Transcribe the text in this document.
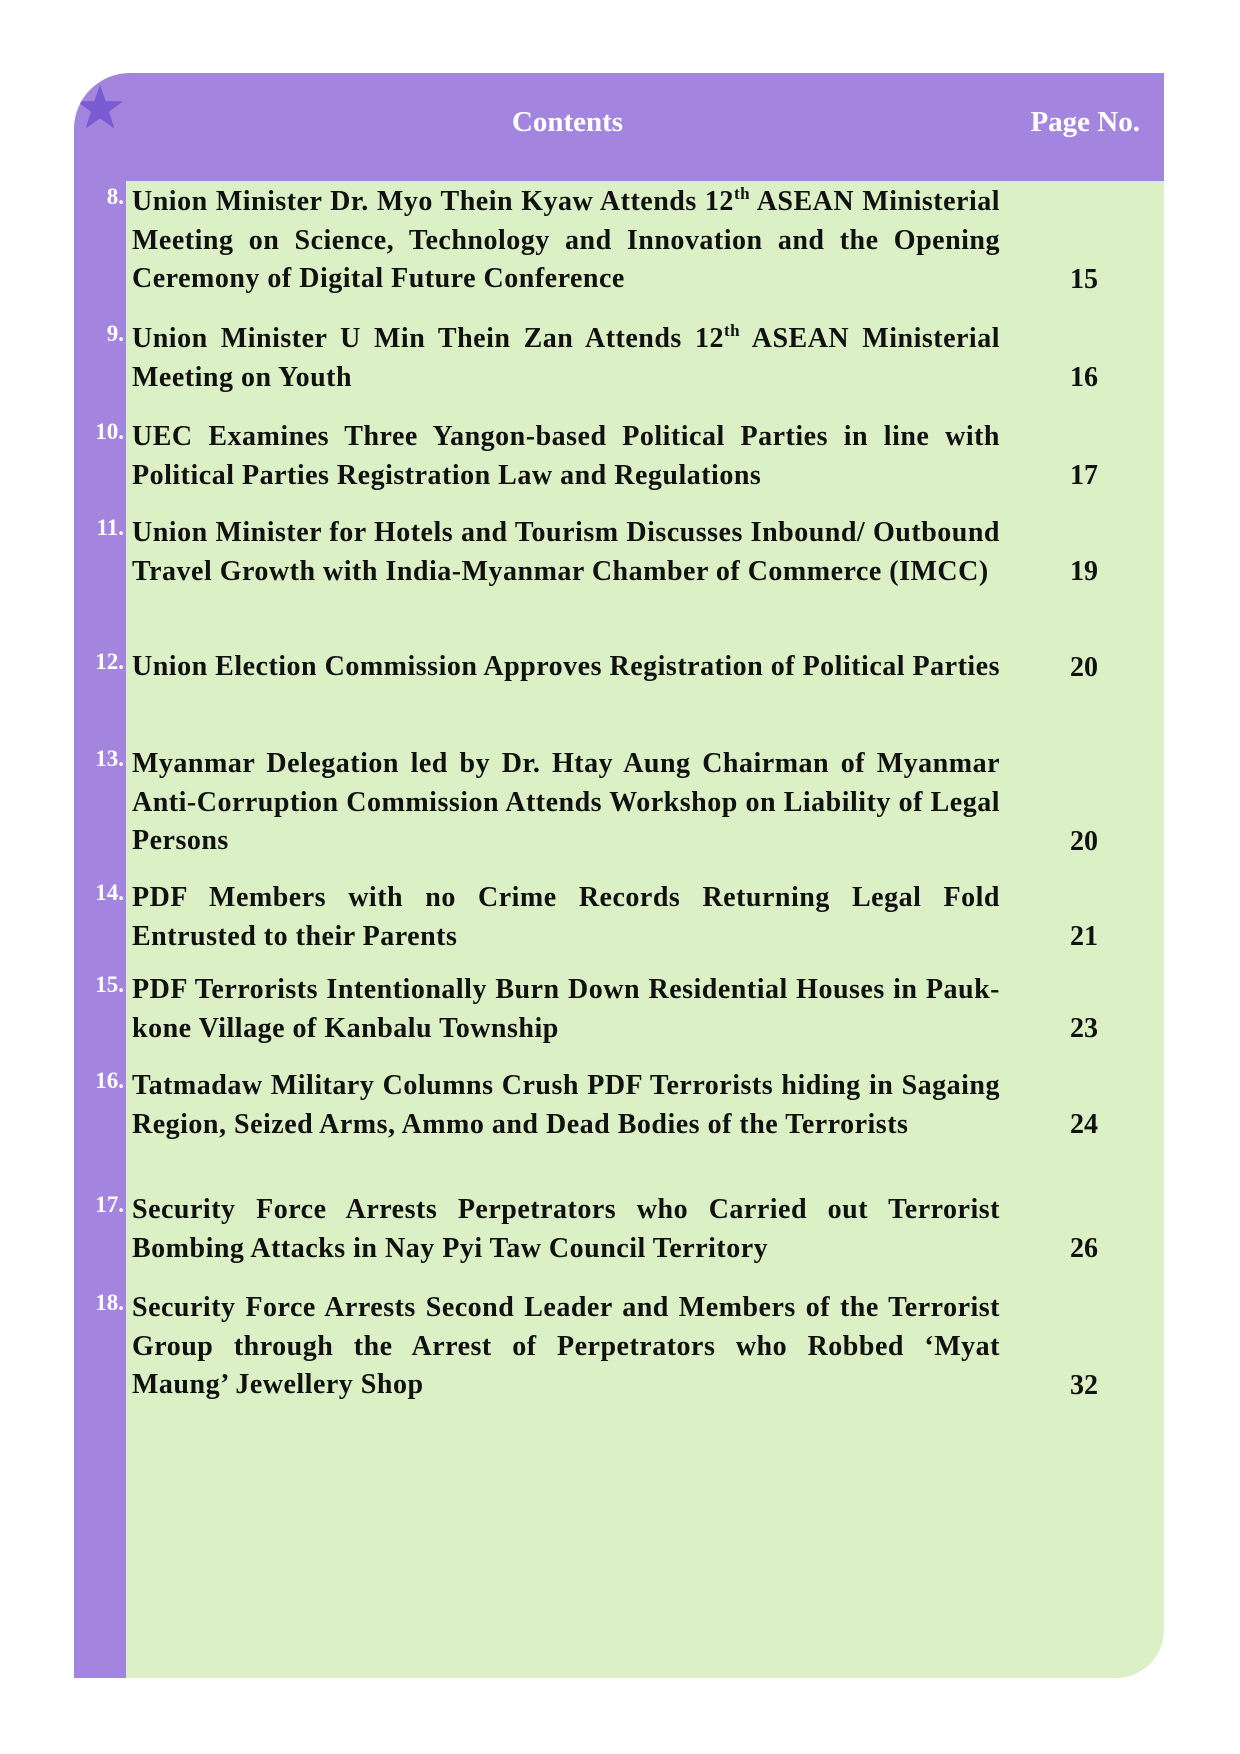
Contents	Page No.
8. Union Minister Dr. Myo Thein Kyaw Attends 12th ASEAN Ministerial Meeting on Science, Technology and Innovation and the Opening Ceremony of Digital Future Conference	15
9. Union Minister U Min Thein Zan Attends 12th ASEAN Ministerial Meeting on Youth	16
10. UEC Examines Three Yangon-based Political Parties in line with Political Parties Registration Law and Regulations	17
11. Union Minister for Hotels and Tourism Discusses Inbound/ Outbound Travel Growth with India-Myanmar Chamber of Commerce (IMCC)	19
12. Union Election Commission Approves Registration of Political Parties	20
13. Myanmar Delegation led by Dr. Htay Aung Chairman of Myanmar Anti-Corruption Commission Attends Workshop on Liability of Legal Persons	20
14. PDF Members with no Crime Records Returning Legal Fold Entrusted to their Parents	21
15. PDF Terrorists Intentionally Burn Down Residential Houses in Pauk-kone Village of Kanbalu Township	23
16. Tatmadaw Military Columns Crush PDF Terrorists hiding in Sagaing Region, Seized Arms, Ammo and Dead Bodies of the Terrorists	24
17. Security Force Arrests Perpetrators who Carried out Terrorist Bombing Attacks in Nay Pyi Taw Council Territory	26
18. Security Force Arrests Second Leader and Members of the Terrorist Group through the Arrest of Perpetrators who Robbed ‘Myat Maung’ Jewellery Shop	32
